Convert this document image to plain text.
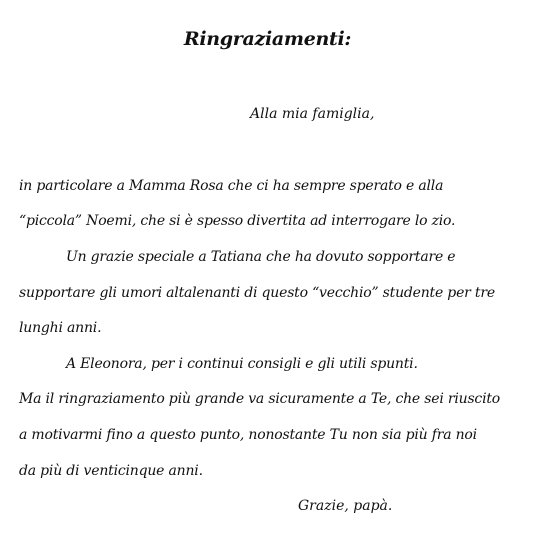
Ringraziamenti:
Alla mia famiglia,
in particolare a Mamma Rosa che ci ha sempre sperato e alla
“piccola” Noemi, che si è spesso divertita ad interrogare lo zio.
Un grazie speciale a Tatiana che ha dovuto sopportare e
supportare gli umori altalenanti di questo “vecchio” studente per tre
lunghi anni.
A Eleonora, per i continui consigli e gli utili spunti.
Ma il ringraziamento più grande va sicuramente a Te, che sei riuscito
a motivarmi fino a questo punto, nonostante Tu non sia più fra noi
da più di venticinque anni.
Grazie, papà.
